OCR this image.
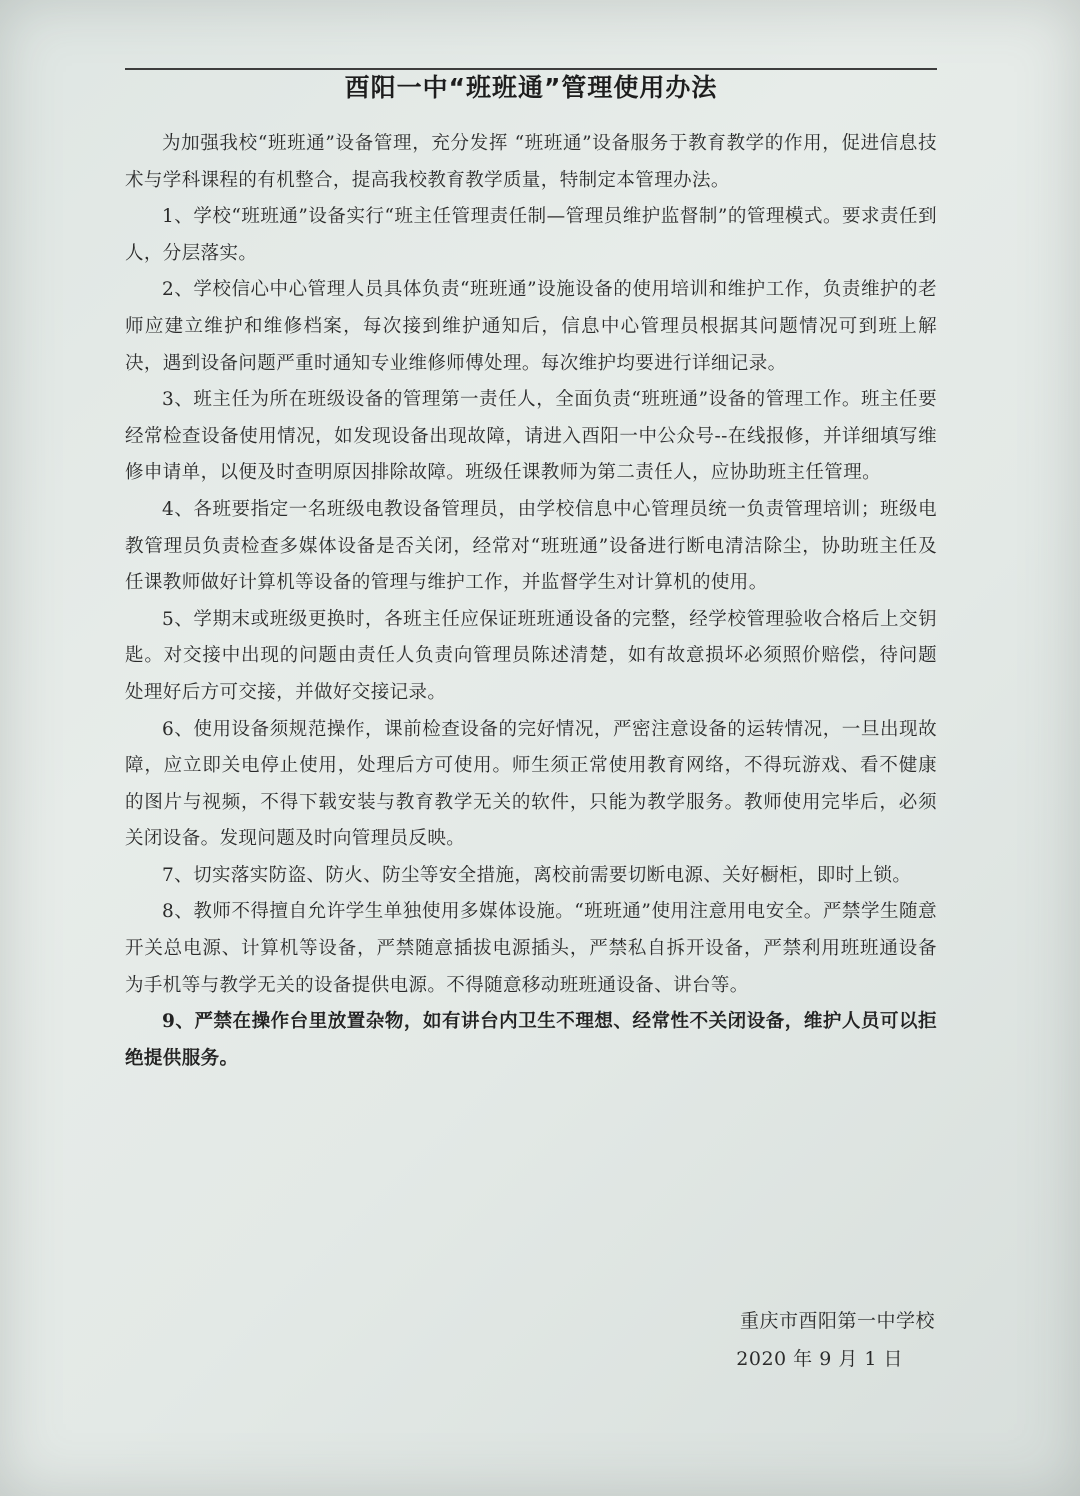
酉阳一中“班班通”管理使用办法

为加强我校“班班通”设备管理，充分发挥 “班班通”设备服务于教育教学的作用，促进信息技术与学科课程的有机整合，提高我校教育教学质量，特制定本管理办法。

1、学校“班班通”设备实行“班主任管理责任制—管理员维护监督制”的管理模式。要求责任到人，分层落实。

2、学校信心中心管理人员具体负责“班班通”设施设备的使用培训和维护工作，负责维护的老师应建立维护和维修档案，每次接到维护通知后，信息中心管理员根据其问题情况可到班上解决，遇到设备问题严重时通知专业维修师傅处理。每次维护均要进行详细记录。

3、班主任为所在班级设备的管理第一责任人，全面负责“班班通”设备的管理工作。班主任要经常检查设备使用情况，如发现设备出现故障，请进入酉阳一中公众号--在线报修，并详细填写维修申请单，以便及时查明原因排除故障。班级任课教师为第二责任人，应协助班主任管理。

4、各班要指定一名班级电教设备管理员，由学校信息中心管理员统一负责管理培训；班级电教管理员负责检查多媒体设备是否关闭，经常对“班班通”设备进行断电清洁除尘，协助班主任及任课教师做好计算机等设备的管理与维护工作，并监督学生对计算机的使用。

5、学期末或班级更换时，各班主任应保证班班通设备的完整，经学校管理验收合格后上交钥匙。对交接中出现的问题由责任人负责向管理员陈述清楚，如有故意损坏必须照价赔偿，待问题处理好后方可交接，并做好交接记录。

6、使用设备须规范操作，课前检查设备的完好情况，严密注意设备的运转情况，一旦出现故障，应立即关电停止使用，处理后方可使用。师生须正常使用教育网络，不得玩游戏、看不健康的图片与视频，不得下载安装与教育教学无关的软件，只能为教学服务。教师使用完毕后，必须关闭设备。发现问题及时向管理员反映。

7、切实落实防盗、防火、防尘等安全措施，离校前需要切断电源、关好橱柜，即时上锁。

8、教师不得擅自允许学生单独使用多媒体设施。“班班通”使用注意用电安全。严禁学生随意开关总电源、计算机等设备，严禁随意插拔电源插头，严禁私自拆开设备，严禁利用班班通设备为手机等与教学无关的设备提供电源。不得随意移动班班通设备、讲台等。

9、严禁在操作台里放置杂物，如有讲台内卫生不理想、经常性不关闭设备，维护人员可以拒绝提供服务。

重庆市酉阳第一中学校
2020 年 9 月 1 日
